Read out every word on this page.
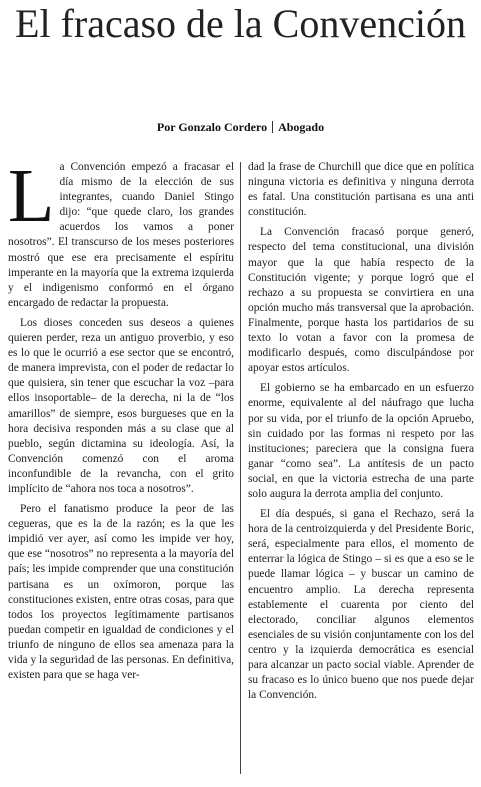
El fracaso de la Convención
Por Gonzalo Cordero Abogado

La Convención empezó a fracasar el día mismo de la elección de sus integrantes, cuando Daniel Stingo dijo: “que quede claro, los grandes acuerdos los vamos a poner nosotros”. El transcurso de los meses posteriores mostró que ese era precisamente el espíritu imperante en la mayoría que la extrema izquierda y el indigenismo conformó en el órgano encargado de redactar la propuesta.

Los dioses conceden sus deseos a quienes quieren perder, reza un antiguo proverbio, y eso es lo que le ocurrió a ese sector que se encontró, de manera imprevista, con el poder de redactar lo que quisiera, sin tener que escuchar la voz –para ellos insoportable– de la derecha, ni la de “los amarillos” de siempre, esos burgueses que en la hora decisiva responden más a su clase que al pueblo, según dictamina su ideología. Así, la Convención comenzó con el aroma inconfundible de la revancha, con el grito implícito de “ahora nos toca a nosotros”.

Pero el fanatismo produce la peor de las cegueras, que es la de la razón; es la que les impidió ver ayer, así como les impide ver hoy, que ese “nosotros” no representa a la mayoría del país; les impide comprender que una constitución partisana es un oxímoron, porque las constituciones existen, entre otras cosas, para que todos los proyectos legítimamente partisanos puedan competir en igualdad de condiciones y el triunfo de ninguno de ellos sea amenaza para la vida y la seguridad de las personas. En definitiva, existen para que se haga ver-

dad la frase de Churchill que dice que en política ninguna victoria es definitiva y ninguna derrota es fatal. Una constitución partisana es una anti constitución.

La Convención fracasó porque generó, respecto del tema constitucional, una división mayor que la que había respecto de la Constitución vigente; y porque logró que el rechazo a su propuesta se convirtiera en una opción mucho más transversal que la aprobación. Finalmente, porque hasta los partidarios de su texto lo votan a favor con la promesa de modificarlo después, como disculpándose por apoyar estos artículos.

El gobierno se ha embarcado en un esfuerzo enorme, equivalente al del náufrago que lucha por su vida, por el triunfo de la opción Apruebo, sin cuidado por las formas ni respeto por las instituciones; pareciera que la consigna fuera ganar “como sea”. La antítesis de un pacto social, en que la victoria estrecha de una parte solo augura la derrota amplia del conjunto.

El día después, si gana el Rechazo, será la hora de la centroizquierda y del Presidente Boric, será, especialmente para ellos, el momento de enterrar la lógica de Stingo – si es que a eso se le puede llamar lógica – y buscar un camino de encuentro amplio. La derecha representa establemente el cuarenta por ciento del electorado, conciliar algunos elementos esenciales de su visión conjuntamente con los del centro y la izquierda democrática es esencial para alcanzar un pacto social viable. Aprender de su fracaso es lo único bueno que nos puede dejar la Convención.
